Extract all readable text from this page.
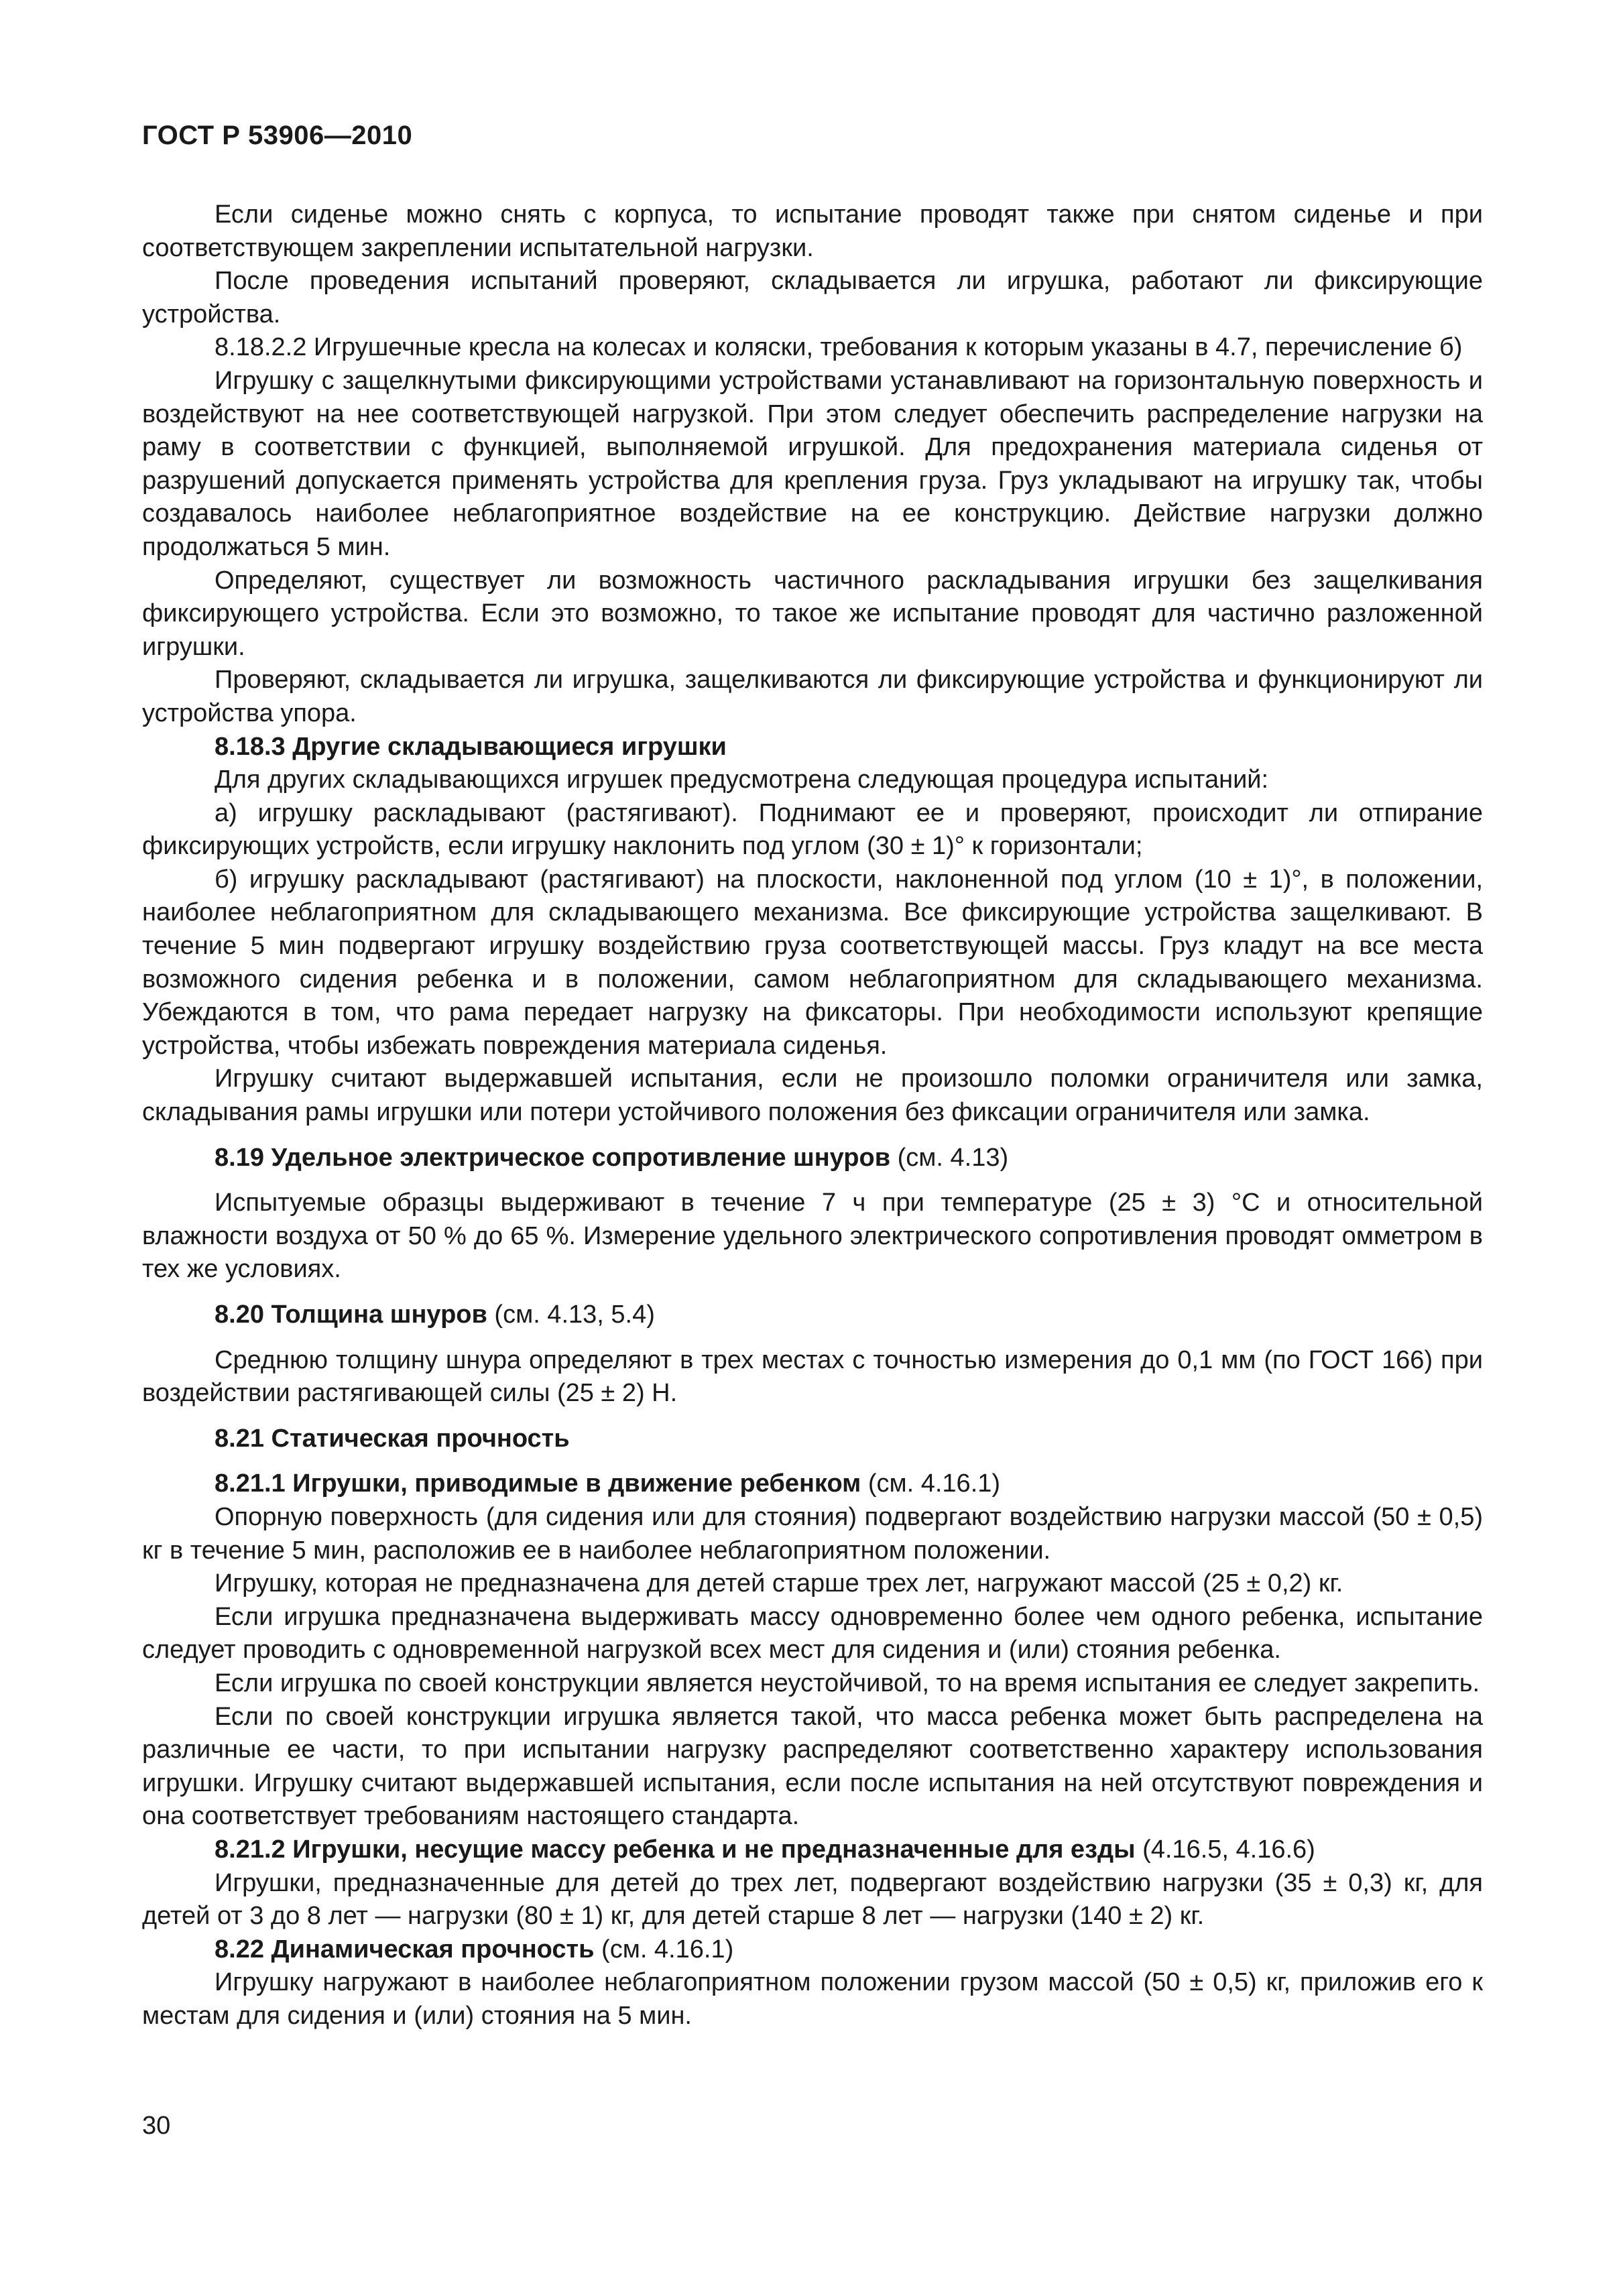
ГОСТ Р 53906—2010

Если сиденье можно снять с корпуса, то испытание проводят также при снятом сиденье и при соответствующем закреплении испытательной нагрузки.

После проведения испытаний проверяют, складывается ли игрушка, работают ли фиксирующие устройства.

8.18.2.2 Игрушечные кресла на колесах и коляски, требования к которым указаны в 4.7, перечисление б)

Игрушку с защелкнутыми фиксирующими устройствами устанавливают на горизонтальную поверхность и воздействуют на нее соответствующей нагрузкой. При этом следует обеспечить распределение нагрузки на раму в соответствии с функцией, выполняемой игрушкой. Для предохранения материала сиденья от разрушений допускается применять устройства для крепления груза. Груз укладывают на игрушку так, чтобы создавалось наиболее неблагоприятное воздействие на ее конструкцию. Действие нагрузки должно продолжаться 5 мин.

Определяют, существует ли возможность частичного раскладывания игрушки без защелкивания фиксирующего устройства. Если это возможно, то такое же испытание проводят для частично разложенной игрушки.

Проверяют, складывается ли игрушка, защелкиваются ли фиксирующие устройства и функционируют ли устройства упора.

8.18.3 Другие складывающиеся игрушки

Для других складывающихся игрушек предусмотрена следующая процедура испытаний:

а) игрушку раскладывают (растягивают). Поднимают ее и проверяют, происходит ли отпирание фиксирующих устройств, если игрушку наклонить под углом (30 ± 1)° к горизонтали;

б) игрушку раскладывают (растягивают) на плоскости, наклоненной под углом (10 ± 1)°, в положении, наиболее неблагоприятном для складывающего механизма. Все фиксирующие устройства защелкивают. В течение 5 мин подвергают игрушку воздействию груза соответствующей массы. Груз кладут на все места возможного сидения ребенка и в положении, самом неблагоприятном для складывающего механизма. Убеждаются в том, что рама передает нагрузку на фиксаторы. При необходимости используют крепящие устройства, чтобы избежать повреждения материала сиденья.

Игрушку считают выдержавшей испытания, если не произошло поломки ограничителя или замка, складывания рамы игрушки или потери устойчивого положения без фиксации ограничителя или замка.

8.19 Удельное электрическое сопротивление шнуров (см. 4.13)

Испытуемые образцы выдерживают в течение 7 ч при температуре (25 ± 3) °С и относительной влажности воздуха от 50 % до 65 %. Измерение удельного электрического сопротивления проводят омметром в тех же условиях.

8.20 Толщина шнуров (см. 4.13, 5.4)

Среднюю толщину шнура определяют в трех местах с точностью измерения до 0,1 мм (по ГОСТ 166) при воздействии растягивающей силы (25 ± 2) Н.

8.21 Статическая прочность

8.21.1 Игрушки, приводимые в движение ребенком (см. 4.16.1)

Опорную поверхность (для сидения или для стояния) подвергают воздействию нагрузки массой (50 ± 0,5) кг в течение 5 мин, расположив ее в наиболее неблагоприятном положении.

Игрушку, которая не предназначена для детей старше трех лет, нагружают массой (25 ± 0,2) кг.

Если игрушка предназначена выдерживать массу одновременно более чем одного ребенка, испытание следует проводить с одновременной нагрузкой всех мест для сидения и (или) стояния ребенка.

Если игрушка по своей конструкции является неустойчивой, то на время испытания ее следует закрепить.

Если по своей конструкции игрушка является такой, что масса ребенка может быть распределена на различные ее части, то при испытании нагрузку распределяют соответственно характеру использования игрушки. Игрушку считают выдержавшей испытания, если после испытания на ней отсутствуют повреждения и она соответствует требованиям настоящего стандарта.

8.21.2 Игрушки, несущие массу ребенка и не предназначенные для езды (4.16.5, 4.16.6)

Игрушки, предназначенные для детей до трех лет, подвергают воздействию нагрузки (35 ± 0,3) кг, для детей от 3 до 8 лет — нагрузки (80 ± 1) кг, для детей старше 8 лет — нагрузки (140 ± 2) кг.

8.22 Динамическая прочность (см. 4.16.1)

Игрушку нагружают в наиболее неблагоприятном положении грузом массой (50 ± 0,5) кг, приложив его к местам для сидения и (или) стояния на 5 мин.

30
